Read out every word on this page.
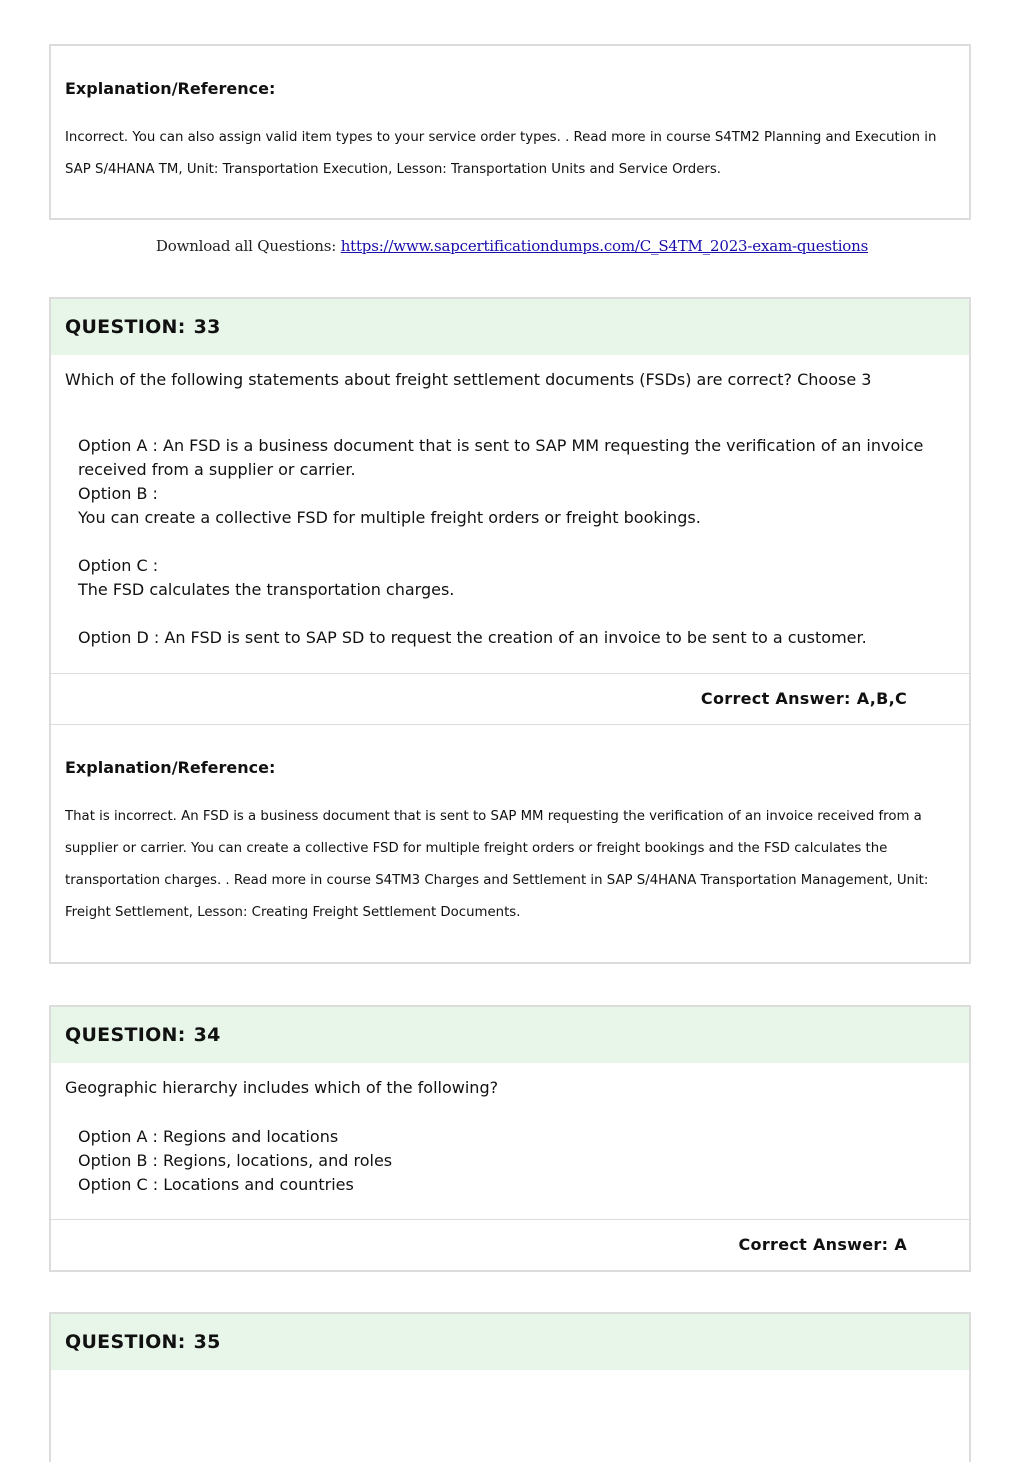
Explanation/Reference:
Incorrect. You can also assign valid item types to your service order types. . Read more in course S4TM2 Planning and Execution in SAP S/4HANA TM, Unit: Transportation Execution, Lesson: Transportation Units and Service Orders.
Download all Questions: https://www.sapcertificationdumps.com/C_S4TM_2023-exam-questions
QUESTION: 33
Which of the following statements about freight settlement documents (FSDs) are correct? Choose 3
Option A : An FSD is a business document that is sent to SAP MM requesting the verification of an invoice received from a supplier or carrier.
Option B :
You can create a collective FSD for multiple freight orders or freight bookings.
Option C :
The FSD calculates the transportation charges.
Option D : An FSD is sent to SAP SD to request the creation of an invoice to be sent to a customer.
Correct Answer: A,B,C
Explanation/Reference:
That is incorrect. An FSD is a business document that is sent to SAP MM requesting the verification of an invoice received from a supplier or carrier. You can create a collective FSD for multiple freight orders or freight bookings and the FSD calculates the transportation charges. . Read more in course S4TM3 Charges and Settlement in SAP S/4HANA Transportation Management, Unit: Freight Settlement, Lesson: Creating Freight Settlement Documents.
QUESTION: 34
Geographic hierarchy includes which of the following?
Option A : Regions and locations
Option B : Regions, locations, and roles
Option C : Locations and countries
Correct Answer: A
QUESTION: 35
